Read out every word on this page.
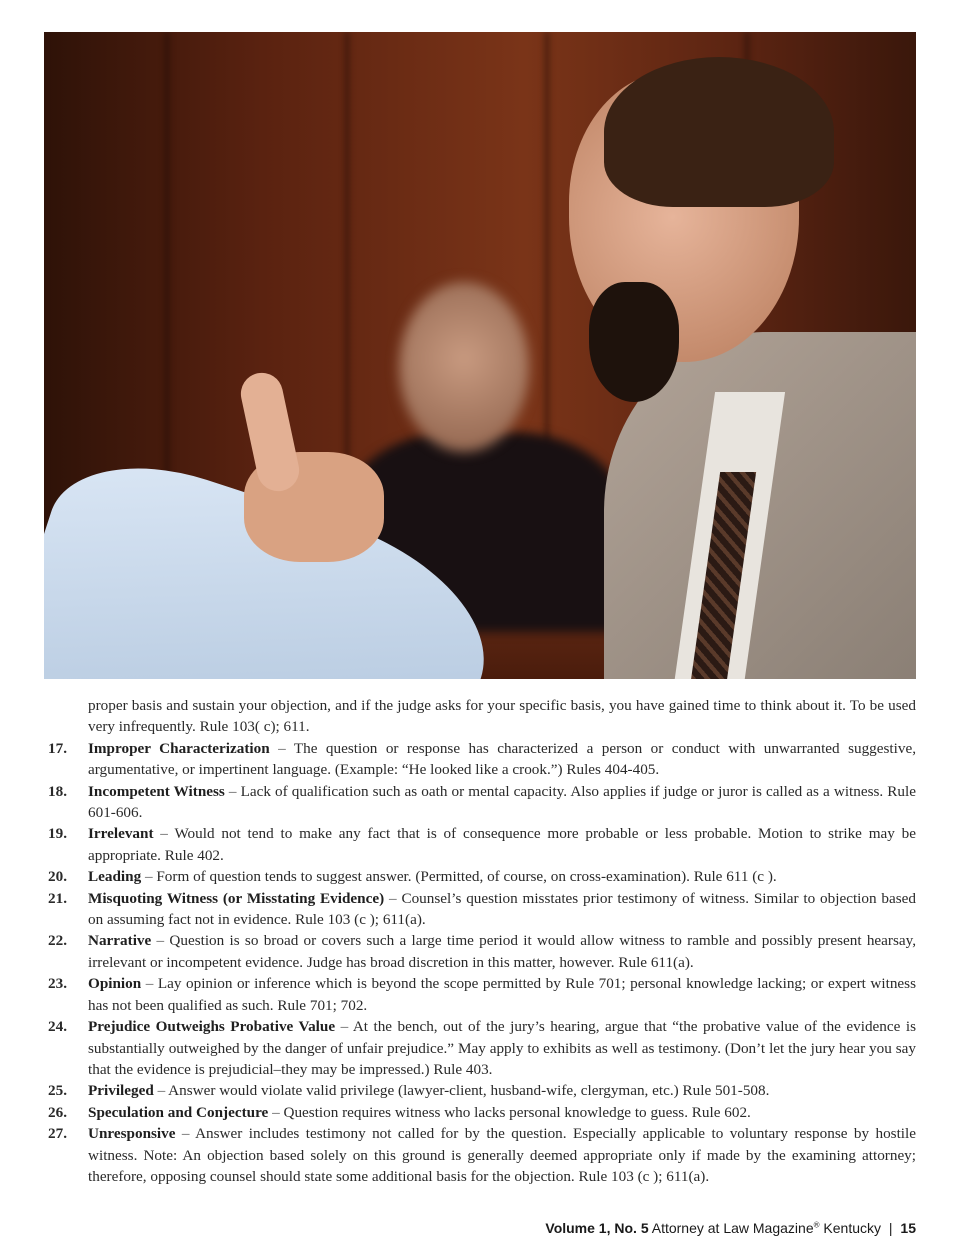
proper basis and sustain your objection, and if the judge asks for your specific basis, you have gained time to think about it. To be used very infrequently. Rule 103( c); 611.
17.	Improper Characterization – The question or response has characterized a person or conduct with unwarranted suggestive, argumentative, or impertinent language. (Example: “He looked like a crook.”) Rules 404-405.
18.	Incompetent Witness – Lack of qualification such as oath or mental capacity. Also applies if judge or juror is called as a witness. Rule 601-606.
19.	Irrelevant – Would not tend to make any fact that is of consequence more probable or less probable. Motion to strike may be appropriate. Rule 402.
20.	Leading – Form of question tends to suggest answer. (Permitted, of course, on cross-examination). Rule 611 (c ).
21.	Misquoting Witness (or Misstating Evidence) – Counsel’s question misstates prior testimony of witness. Similar to objection based on assuming fact not in evidence. Rule 103 (c ); 611(a).
22.	Narrative – Question is so broad or covers such a large time period it would allow witness to ramble and possibly present hearsay, irrelevant or incompetent evidence. Judge has broad discretion in this matter, however. Rule 611(a).
23.	Opinion – Lay opinion or inference which is beyond the scope permitted by Rule 701; personal knowledge lacking; or expert witness has not been qualified as such. Rule 701; 702.
24.	Prejudice Outweighs Probative Value – At the bench, out of the jury’s hearing, argue that “the probative value of the evidence is substantially outweighed by the danger of unfair prejudice.” May apply to exhibits as well as testimony. (Don’t let the jury hear you say that the evidence is prejudicial–they may be impressed.) Rule 403.
25.	Privileged – Answer would violate valid privilege (lawyer-client, husband-wife, clergyman, etc.) Rule 501-508.
26.	Speculation and Conjecture – Question requires witness who lacks personal knowledge to guess. Rule 602.
27.	Unresponsive – Answer includes testimony not called for by the question. Especially applicable to voluntary response by hostile witness. Note: An objection based solely on this ground is generally deemed appropriate only if made by the examining attorney; therefore, opposing counsel should state some additional basis for the objection. Rule 103 (c ); 611(a).
Volume 1, No. 5 Attorney at Law Magazine® Kentucky | 15
